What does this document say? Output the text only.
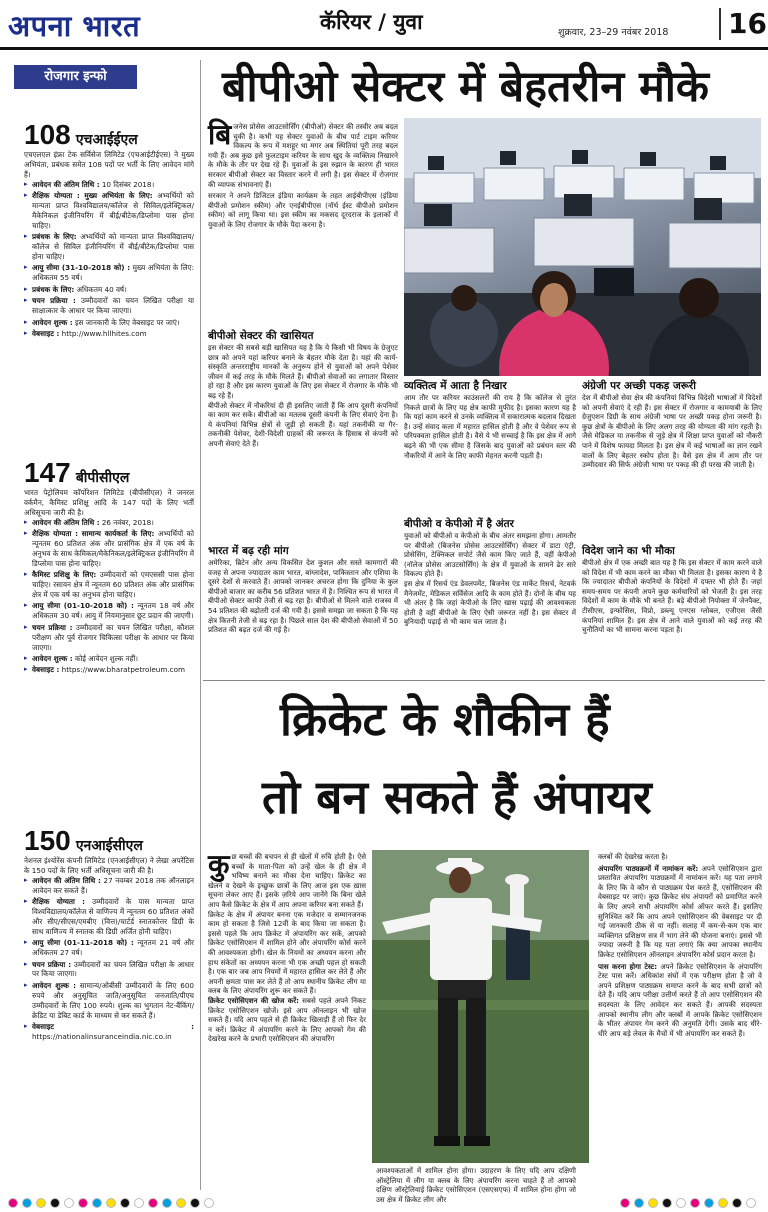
अपना भारत	कॅरियर / युवा	शुक्रवार, 23–29 नवंबर 2018	16
रोजगार इन्फो
108 एचआईईएल
एचएलएल इंफ्रा टेक सर्विसेज लिमिटेड (एचआईटीईएस) ने मुख्य अभियंता, प्रबंधक समेत 108 पदों पर भर्ती के लिए आवेदन मांगे हैं।
▸ आवेदन की अंतिम तिथि : 10 दिसंबर 2018।
▸ शैक्षिक योग्यता : मुख्य अभियंता के लिए: अभ्यर्थियों को मान्यता प्राप्त विश्वविद्यालय/कॉलेज से सिविल/इलेक्ट्रिकल/मैकेनिकल इंजीनियरिंग में बीई/बीटेक/डिप्लोमा पास होना चाहिए।
▸ प्रबंधक के लिए: अभ्यर्थियों को मान्यता प्राप्त विश्वविद्यालय/कॉलेज से सिविल इंजीनियरिंग में बीई/बीटेक/डिप्लोमा पास होना चाहिए।
▸ आयु सीमा (31-10-2018 को) : मुख्य अभियंता के लिए: अधिकतम 55 वर्ष।
▸ प्रबंधक के लिए: अधिकतम 40 वर्ष।
▸ चयन प्रक्रिया : उम्मीदवारों का चयन लिखित परीक्षा या साक्षात्कार के आधार पर किया जाएगा।
▸ आवेदन शुल्क : इस जानकारी के लिए वेबसाइट पर जाएं।
▸ वेबसाइट : http://www.hllhites.com
147 बीपीसीएल
भारत पेट्रोलियम कॉर्पोरेशन लिमिटेड (बीपीसीएल) ने जनरल वर्कमैन, कैमिस्ट प्रशिक्षु आदि के 147 पदों के लिए भर्ती अधिसूचना जारी की है।
▸ आवेदन की अंतिम तिथि : 26 नवंबर, 2018।
▸ शैक्षिक योग्यता : सामान्य कार्यकर्ता के लिए: अभ्यर्थियों को न्यूनतम 60 प्रतिशत अंक और प्रासंगिक क्षेत्र में एक वर्ष के अनुभव के साथ केमिकल/मैकेनिकल/इलेक्ट्रिकल इंजीनियरिंग में डिप्लोमा पास होना चाहिए।
▸ कैमिस्ट प्रशिक्षु के लिए: उम्मीदवारों को एमएससी पास होना चाहिए। रसायन क्षेत्र में न्यूनतम 60 प्रतिशत अंक और प्रासंगिक क्षेत्र में एक वर्ष का अनुभव होना चाहिए।
▸ आयु सीमा (01-10-2018 को) : न्यूनतम 18 वर्ष और अधिकतम 30 वर्ष। आयु में नियमानुसार छूट प्रदान की जाएगी।
▸ चयन प्रक्रिया : उम्मीदवारों का चयन लिखित परीक्षा, कौशल परीक्षण और पूर्व रोजगार चिकित्सा परीक्षा के आधार पर किया जाएगा।
▸ आवेदन शुल्क : कोई आवेदन शुल्क नहीं।
▸ वेबसाइट : https://www.bharatpetroleum.com
150 एनआईसीएल
नेशनल इंश्योरेंस कंपनी लिमिटेड (एनआईसीएल) ने लेखा अपरेंटिस के 150 पदों के लिए भर्ती अधिसूचना जारी की है।
▸ आवेदन की अंतिम तिथि : 27 नवम्बर 2018 तक ऑनलाइन आवेदन कर सकते हैं।
▸ शैक्षिक योग्यता : उम्मीदवारों के पास मान्यता प्राप्त विश्वविद्यालय/कॉलेज से वाणिज्य में न्यूनतम 60 प्रतिशत अंकों और सीए/सीएस/एमबीए (वित्त)/चार्टर्ड स्नातकोत्तर डिग्री के साथ वाणिज्य में स्नातक की डिग्री अर्जित होनी चाहिए।
▸ आयु सीमा (01-11-2018 को) : न्यूनतम 21 वर्ष और अधिकतम 27 वर्ष।
▸ चयन प्रक्रिया : उम्मीदवारों का चयन लिखित परीक्षा के आधार पर किया जाएगा।
▸ आवेदन शुल्क : सामान्य/ओबीसी उम्मीदवारों के लिए 600 रुपये और अनुसूचित जाति/अनुसूचित जनजाति/पीएच उम्मीदवारों के लिए 100 रुपये। शुल्क का भुगतान नेट-बैंकिंग/क्रेडिट या डेबिट कार्ड के माध्यम से कर सकते हैं।
▸ वेबसाइट : https://nationalinsuranceindia.nic.co.in
बीपीओ सेक्टर में बेहतरीन मौके

बिजनेस प्रोसेस आउटसोर्सिंग (बीपीओ) सेक्टर की तस्वीर अब बदल चुकी है। कभी यह सेक्टर युवाओं के बीच पार्ट टाइम करियर विकल्प के रूप में मशहूर था मगर अब स्थितियां पूरी तरह बदल गयी हैं। अब कुछ इसे फुलटाइम करियर के साथ खुद के व्यक्तित्व निखारने के मौके के तौर पर देख रहे हैं। युवाओं के इस रुझान के कारण ही भारत सरकार बीपीओ सेक्टर का विस्तार करने में लगी है। इस सेक्टर में रोजगार की व्यापक संभावनाएं हैं।

सरकार ने अपने डिजिटल इंडिया कार्यक्रम के तहत आईबीपीएस (इंडिया बीपीओ प्रमोशन स्कीम) और एनईबीपीएस (नॉर्थ ईस्ट बीपीओ प्रमोशन स्कीम) को लागू किया था। इस स्कीम का मकसद दूरदराज के इलाकों में युवाओं के लिए रोजगार के मौके पैदा करना है।

बीपीओ सेक्टर की खासियत
इस सेक्टर की सबसे बड़ी खासियत यह है कि ये किसी भी विषय के ग्रेजुएट छात्र को अपने यहां करियर बनाने के बेहतर मौके देता है। यहां की कार्य-संस्कृति अन्तरराष्ट्रीय मानकों के अनुरूप होने से युवाओं को अपने पेशेवर जीवन में कई तरह के मौके मिलते हैं। बीपीओ सेवाओं का लगातार विस्तार हो रहा है और इस कारण युवाओं के लिए इस सेक्टर में रोजगार के मौके भी बढ़ रहे हैं।
बीपीओ सेक्टर में नौकरियां दी ही इसलिए जाती हैं कि आप दूसरी कंपनियों का काम कर सकें। बीपीओ का मतलब दूसरी कंपनी के लिए सेवाएं देना है। ये कंपनियां विभिन्न क्षेत्रों से जुड़ी हो सकती हैं। यहां तकनीकी या गैर-तकनीकी पेशेवर, देशी-विदेशी ग्राहकों की जरूरत के हिसाब से कंपनी को अपनी सेवाएं देते हैं।
भारत में बढ़ रही मांग
अमेरिका, ब्रिटेन और अन्य विकसित देश कुशल और सस्ते कामगारों की वजह से अपना ज्यादातर काम भारत, बांग्लादेश, पाकिस्तान और एशिया के दूसरे देशों से करवाते हैं। आपको जानकर अचरज होगा कि दुनिया के कुल बीपीओ बाजार का करीब 56 प्रतिशत भारत में है। निश्चित रूप से भारत में बीपीओ सेक्टर काफी तेजी से बढ़ रहा है। बीपीओ से मिलने वाले राजस्व में 54 प्रतिशत की बढ़ोतरी दर्ज की गयी है। इससे समझा जा सकता है कि यह क्षेत्र कितनी तेजी से बढ़ रहा है। पिछले साल देश की बीपीओ सेवाओं में 50 प्रतिशत की बढ़त दर्ज की गई है।
व्यक्तित्व में आता है निखार
आम तौर पर करियर काउंसलरों की राय है कि कॉलेज से तुरंत निकले छात्रों के लिए यह क्षेत्र काफी मुफीद है। इसका कारण यह है कि यहां काम करने से उनके व्यक्तित्व में सकारात्मक बदलाव दिखता है। उन्हें संवाद कला में महारत हासिल होती है और वे पेशेवर रूप से परिपक्वता हासिल होती है। वैसे ये भी सच्चाई है कि इस क्षेत्र में आगे बढ़ने की भी एक सीमा है जिसके बाद युवाओं को प्रबंधन स्तर की नौकरियों में आने के लिए काफी मेहनत करनी पड़ती है।
बीपीओ व केपीओ में है अंतर
युवाओं को बीपीओ व केपीओ के बीच अंतर समझना होगा। आमतौर पर बीपीओ (बिजनेस प्रोसेस आउटसोर्सिंग) सेक्टर में डाटा एंट्री, प्रोसेसिंग, टेक्निकल सपोर्ट जैसे काम किए जाते हैं, वहीं केपीओ (नॉलेज प्रोसेस आउटसोर्सिंग) के क्षेत्र में युवाओं के सामने ढेर सारे विकल्प होते हैं।
इस क्षेत्र में रिसर्च एंड डेवलपमेंट, बिजनेस एंड मार्केट रिसर्च, नेटवर्क मैनेजमेंट, मेडिकल सर्विसेज आदि के काम होते हैं। दोनों के बीच यह भी अंतर है कि जहां केपीओ के लिए खास पढ़ाई की आवश्यकता होती है वहीं बीपीओ के लिए ऐसी जरूरत नहीं है। इस सेक्टर में बुनियादी पढ़ाई से भी काम चल जाता है।
अंग्रेजी पर अच्छी पकड़ जरूरी
देश में बीपीओ सेवा क्षेत्र की कंपनियां विभिन्न विदेशी भाषाओं में विदेशों को अपनी सेवाएं दे रही हैं। इस सेक्टर में रोजगार व कामयाबी के लिए ग्रेजुएशन डिग्री के साथ अंग्रेजी भाषा पर अच्छी पकड़ होना जरूरी है। कुछ क्षेत्रों के बीपीओ के लिए अलग तरह की योग्यता की मांग रहती है। जैसे मेडिकल या तकनीक से जुड़े क्षेत्र में शिक्षा प्राप्त युवाओं को नौकरी पाने में विशेष फायदा मिलता है। इस क्षेत्र में कई भाषाओं का ज्ञान रखने वालों के लिए बेहतर स्कोप होता है। वैसे इस क्षेत्र में आम तौर पर उम्मीदवार की सिर्फ अंग्रेजी भाषा पर पकड़ की ही परख की जाती है।
विदेश जाने का भी मौका
बीपीओ क्षेत्र में एक अच्छी बात यह है कि इस सेक्टर में काम करने वाले को विदेश में भी काम करने का मौका भी मिलता है। इसका कारण ये है कि ज्यादातर बीपीओ कंपनियों के विदेशों में दफ्तर भी होते हैं। जहां समय-समय पर कंपनी अपने कुछ कर्मचारियों को भेजती है। इस तरह विदेशों में काम के मौके भी बनते हैं। बड़े बीपीओ नियोक्ता में जेनपैक्ट, टीसीएस, इन्फोसिस, विप्रो, डब्ल्यू एनएस ग्लोबल, एजीएस जैसी कंपनियां शामिल हैं। इस क्षेत्र में आने वाले युवाओं को कई तरह की चुनौतियों का भी सामना करना पड़ता है।
क्रिकेट के शौकीन हैं
तो बन सकते हैं अंपायर
कुछ बच्चों की बचपन से ही खेलों में रुचि होती है। ऐसे बच्चों के माता-पिता को उन्हें खेल के ही क्षेत्र में भविष्य बनाने का मौका देना चाहिए। क्रिकेट का खेलने व देखने के इच्छुक छात्रों के लिए आज इस एक ख़ास सूचना लेकर आए हैं। इसके ज़रिये आप जानेंगे कि बिना खेले आप कैसे क्रिकेट के क्षेत्र में आप अपना करियर बना सकते हैं।
क्रिकेट के क्षेत्र में अंपायर बनना एक मजेदार व सम्मानजनक काम हो सकता है जिसे 12वीं के बाद किया जा सकता है। इससे पहले कि आप क्रिकेट में अंपायरिंग कर सकें, आपको क्रिकेट एसोसिएशन में शामिल होने और अंपायरिंग कोर्स करने की आवश्यकता होगी। खेल के नियमों का अध्ययन करना और हाथ संकेतों का अध्ययन करना भी एक अच्छी पहल हो सकती है। एक बार जब आप नियमों में महारत हासिल कर लेते हैं और अपनी क्षमता पास कर लेते हैं तो आप स्थानीय क्रिकेट लीग या क्लब के लिए अंपायरिंग शुरू कर सकते हैं।
क्रिकेट एसोसिएशन की खोज करें: सबसे पहले अपने निकट क्रिकेट एसोसिएशन खोजें। इसे आप ऑनलाइन भी खोज सकते हैं। यदि आप पहले से ही क्रिकेट खिलाड़ी हैं तो फिर देर न करें। क्रिकेट में अंपायरिंग करने के लिए आपको गेम की देखरेख करने के प्रभारी एसोसिएशन की अंपायरिंग
आवश्यकताओं में शामिल होना होगा। उदाहरण के लिए यदि आप दक्षिणी ऑस्ट्रेलिया में लीग या क्लब के लिए अंपायरिंग करना चाहते हैं तो आपको दक्षिण ऑस्ट्रेलियाई क्रिकेट एसोसिएशन (एसएसएफ) में शामिल होना होगा जो उस क्षेत्र में क्रिकेट लीग और

क्लबों की देखरेख करता है।

अंपायरिंग पाठ्यक्रमों में नामांकन करें: अपने एसोसिएशन द्वारा प्रस्तावित अंपायरिंग पाठ्यक्रमों में नामांकन करें। यह पता लगाने के लिए कि वे कौन से पाठ्यक्रम पेश करते हैं, एसोसिएशन की वेबसाइट पर जाएं। कुछ क्रिकेट संघ अंपायरों को प्रमाणित करने के लिए अपने सभी अंपायरिंग कोर्स ऑफर करते हैं। इसलिए सुनिश्चित करें कि आप अपने एसोसिएशन की वेबसाइट पर दी गई जानकारी ठीक से या नहीं। सलाह में कम-से-कम एक बार व्यक्तिगत प्रशिक्षण सत्र में भाग लेने की योजना बनाएं। इससे भी ज्यादा जरूरी है कि यह पता लगाएं कि क्या आपका स्थानीय क्रिकेट एसोसिएशन ऑनलाइन अंपायरिंग कोर्स प्रदान करता है।

पास करना होगा टेस्ट: अपने क्रिकेट एसोसिएशन के अंपायरिंग टेस्ट पास करें। अधिकांश संघों में एक परीक्षण होता है जो वे अपने प्रशिक्षण पाठ्यक्रम समाप्त करने के बाद सभी छात्रों को देते हैं। यदि आप परीक्षा उत्तीर्ण करते हैं तो आप एसोसिएशन की सदस्यता के लिए आवेदन कर सकते हैं। आपकी सदस्यता आपको स्थानीय लीग और क्लबों में आपके क्रिकेट एसोसिएशन के भीतर अंपायर गेम करने की अनुमति देगी। उसके बाद धीरे-धीरे आप बड़े लेवल के मैचों में भी अंपायरिंग कर सकते हैं।
